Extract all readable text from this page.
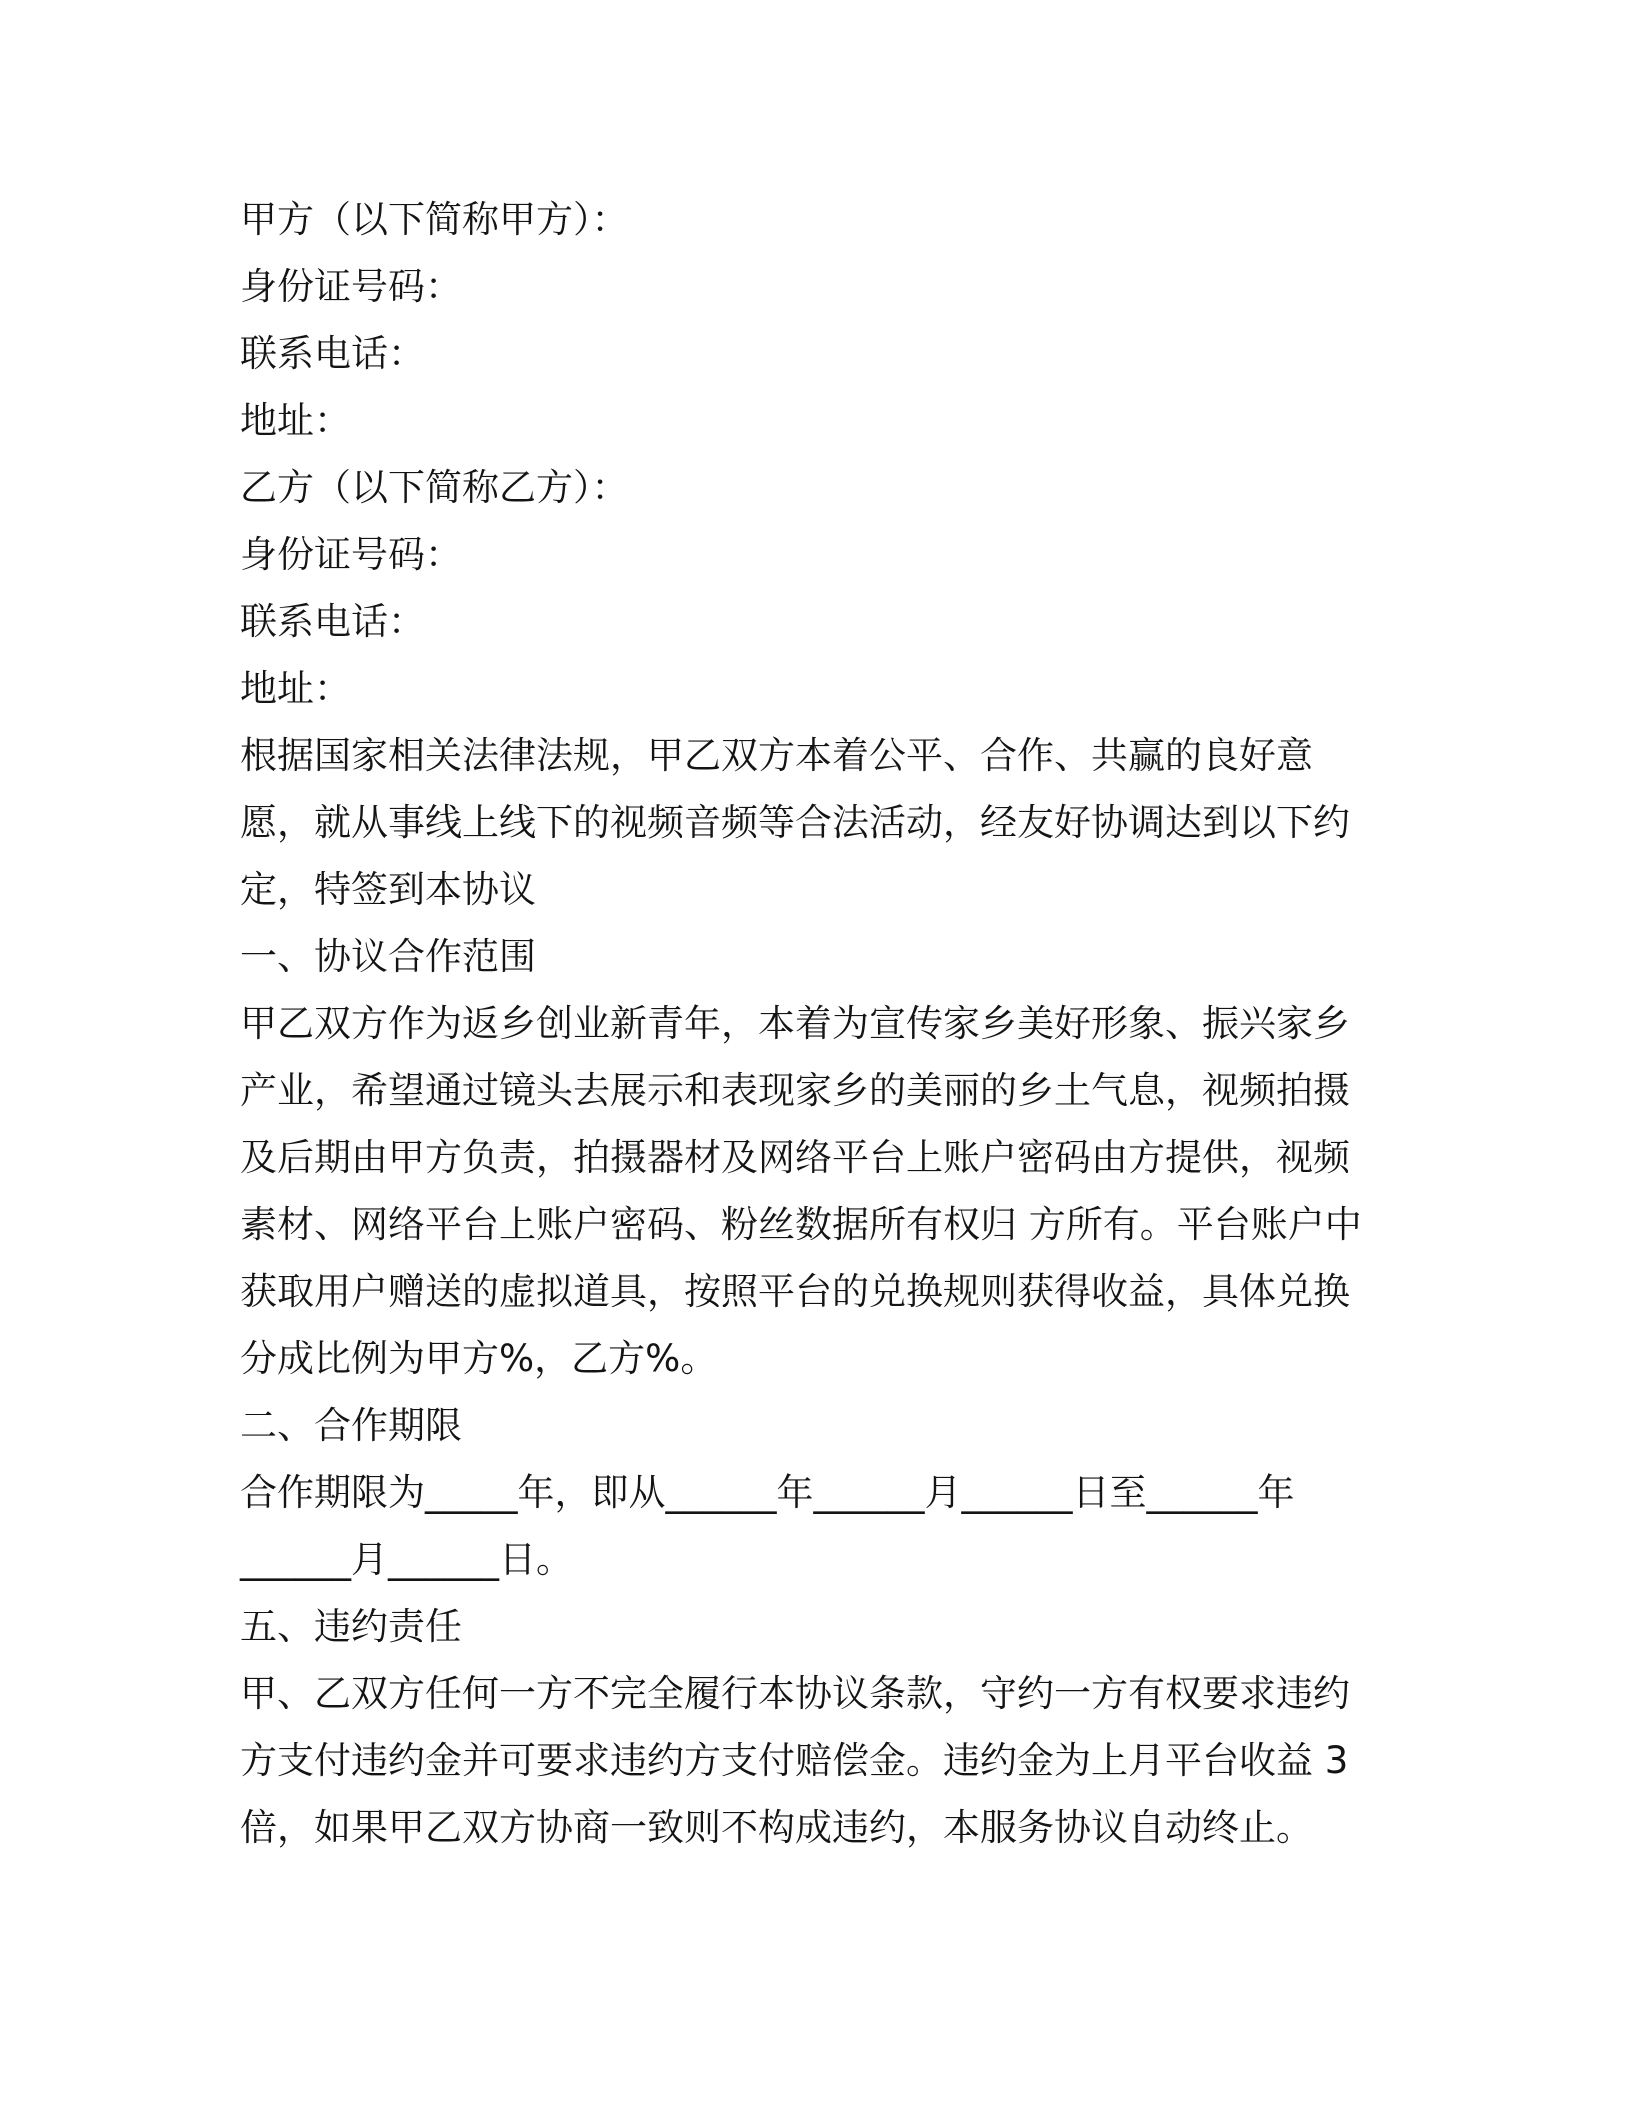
甲方（以下简称甲方）：

身份证号码：

联系电话：

地址：

乙方（以下简称乙方）：

身份证号码：

联系电话：

地址：

根据国家相关法律法规，甲乙双方本着公平、合作、共赢的良好意

愿，就从事线上线下的视频音频等合法活动，经友好协调达到以下约

定，特签到本协议

一、协议合作范围

甲乙双方作为返乡创业新青年，本着为宣传家乡美好形象、振兴家乡

产业，希望通过镜头去展示和表现家乡的美丽的乡土气息，视频拍摄

及后期由甲方负责，拍摄器材及网络平台上账户密码由方提供，视频

素材、网络平台上账户密码、粉丝数据所有权归 方所有。平台账户中

获取用户赠送的虚拟道具，按照平台的兑换规则获得收益，具体兑换

分成比例为甲方%，乙方%。

二、合作期限

合作期限为_____年，即从______年______月______日至______年

______月______日。

五、违约责任

甲、乙双方任何一方不完全履行本协议条款，守约一方有权要求违约

方支付违约金并可要求违约方支付赔偿金。违约金为上月平台收益 3

倍，如果甲乙双方协商一致则不构成违约，本服务协议自动终止。
